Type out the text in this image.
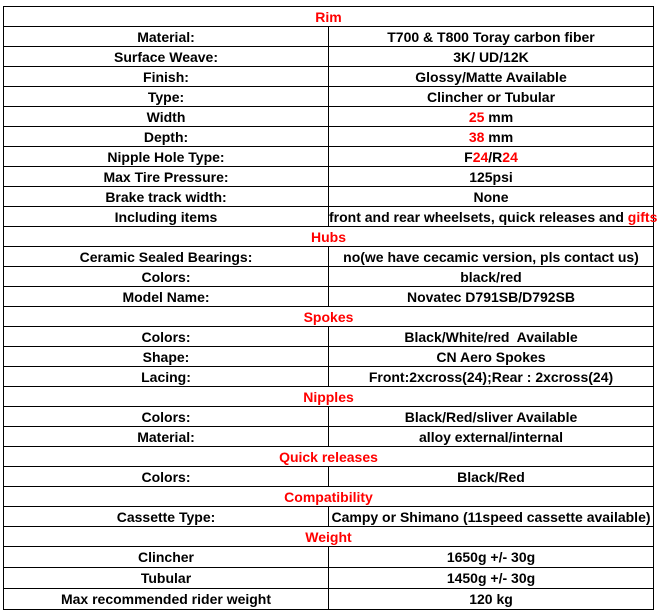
Rim	
Material:	T700 & T800 Toray carbon fiber
Surface Weave:	3K/ UD/12K
Finish:	Glossy/Matte Available
Type:	Clincher or Tubular
Width	25 mm
Depth:	38 mm
Nipple Hole Type:	F24/R24
Max Tire Pressure:	125psi
Brake track width:	None
Including items	front and rear wheelsets, quick releases and gifts
Hubs	
Ceramic Sealed Bearings:	no(we have cecamic version, pls contact us)
Colors:	black/red
Model Name:	Novatec D791SB/D792SB
Spokes	
Colors:	Black/White/red  Available
Shape:	CN Aero Spokes
Lacing:	Front:2xcross(24);Rear : 2xcross(24)
Nipples	
Colors:	Black/Red/sliver Available
Material:	alloy external/internal
Quick releases	
Colors:	Black/Red
Compatibility	
Cassette Type:	Campy or Shimano (11speed cassette available)
Weight	
Clincher	1650g +/- 30g
Tubular	1450g +/- 30g
Max recommended rider weight	120 kg
